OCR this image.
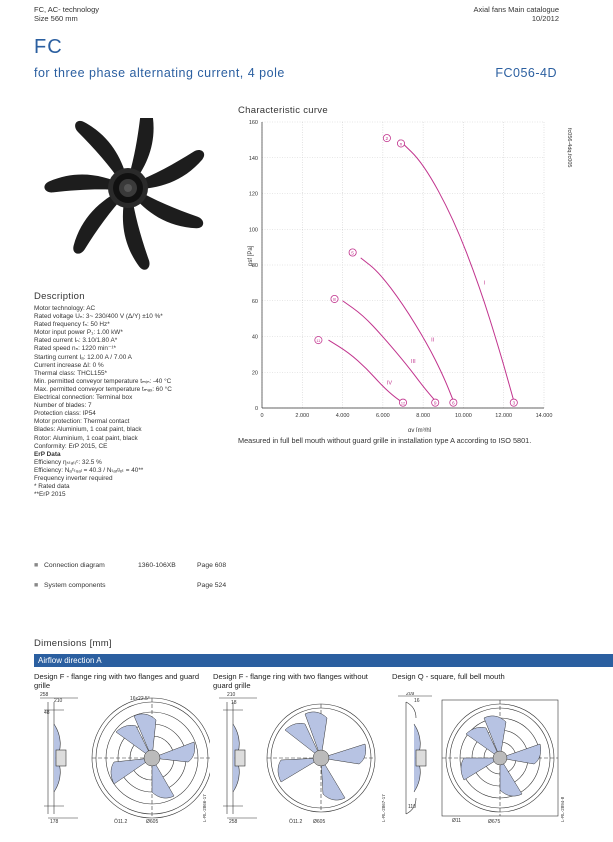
FC, AC- technology
Size 560 mm
Axial fans Main catalogue
10/2012
FC
for three phase alternating current, 4 pole	FC056-4D
Characteristic curve
0	2.000	4.000	6.000	8.000	10.000	12.000	14.000
0
20
40
60
80
100
120
140
160
I
II
III
IV
2
n
5
8
11
3
6
9
12
psf [Pa]
qv [m³/h]
fc056-4dq.fc005
Measured in full bell mouth without guard grille in installation type A according to ISO 5801.
Description
Motor technology: AC
Rated voltage Uₙ: 3~ 230/400 V (Δ/Y) ±10 %*
Rated frequency fₙ: 50 Hz*
Motor input power P₁: 1.00 kW*
Rated current Iₙ: 3.10/1.80 A*
Rated speed nₙ: 1220 min⁻¹*
Starting current Iₐ: 12.00 A / 7.00 A
Current increase ΔI: 0 %
Thermal class: THCL155*
Min. permitted conveyor temperature tₘᵢₙ: -40 °C
Max. permitted conveyor temperature tₘₐₓ: 60 °C
Electrical connection: Terminal box
Number of blades: 7
Protection class: IP54
Motor protection: Thermal contact
Blades: Aluminium, 1 coat paint, black
Rotor: Aluminium, 1 coat paint, black
Conformity: ErP 2015, CE
ErP Data
Efficiency ηₛₜₐₜᵢᶜ: 32.5 %
Efficiency: Nₐᶜₜᵤₐₗ = 40.3 / Nₜₐᵣᵍₑₜ = 40**
Frequency inverter required
* Rated data
**ErP 2015
■ Connection diagram	1360-106XB	Page 608
■ System components	Page 524
Dimensions [mm]
Airflow direction A
Design F - flange ring with two flanges and guard grille
Design F - flange ring with two flanges without guard grille
Design Q - square, full bell mouth
258
210
48
16x22.5°
Ø605
Ö11.2
178	L-RL-2866-17
210
18
Ø605
Ö11.2
258	L-RL-2867-17
209
16
Ø11	Ø675
110	L-RL-2894-8
